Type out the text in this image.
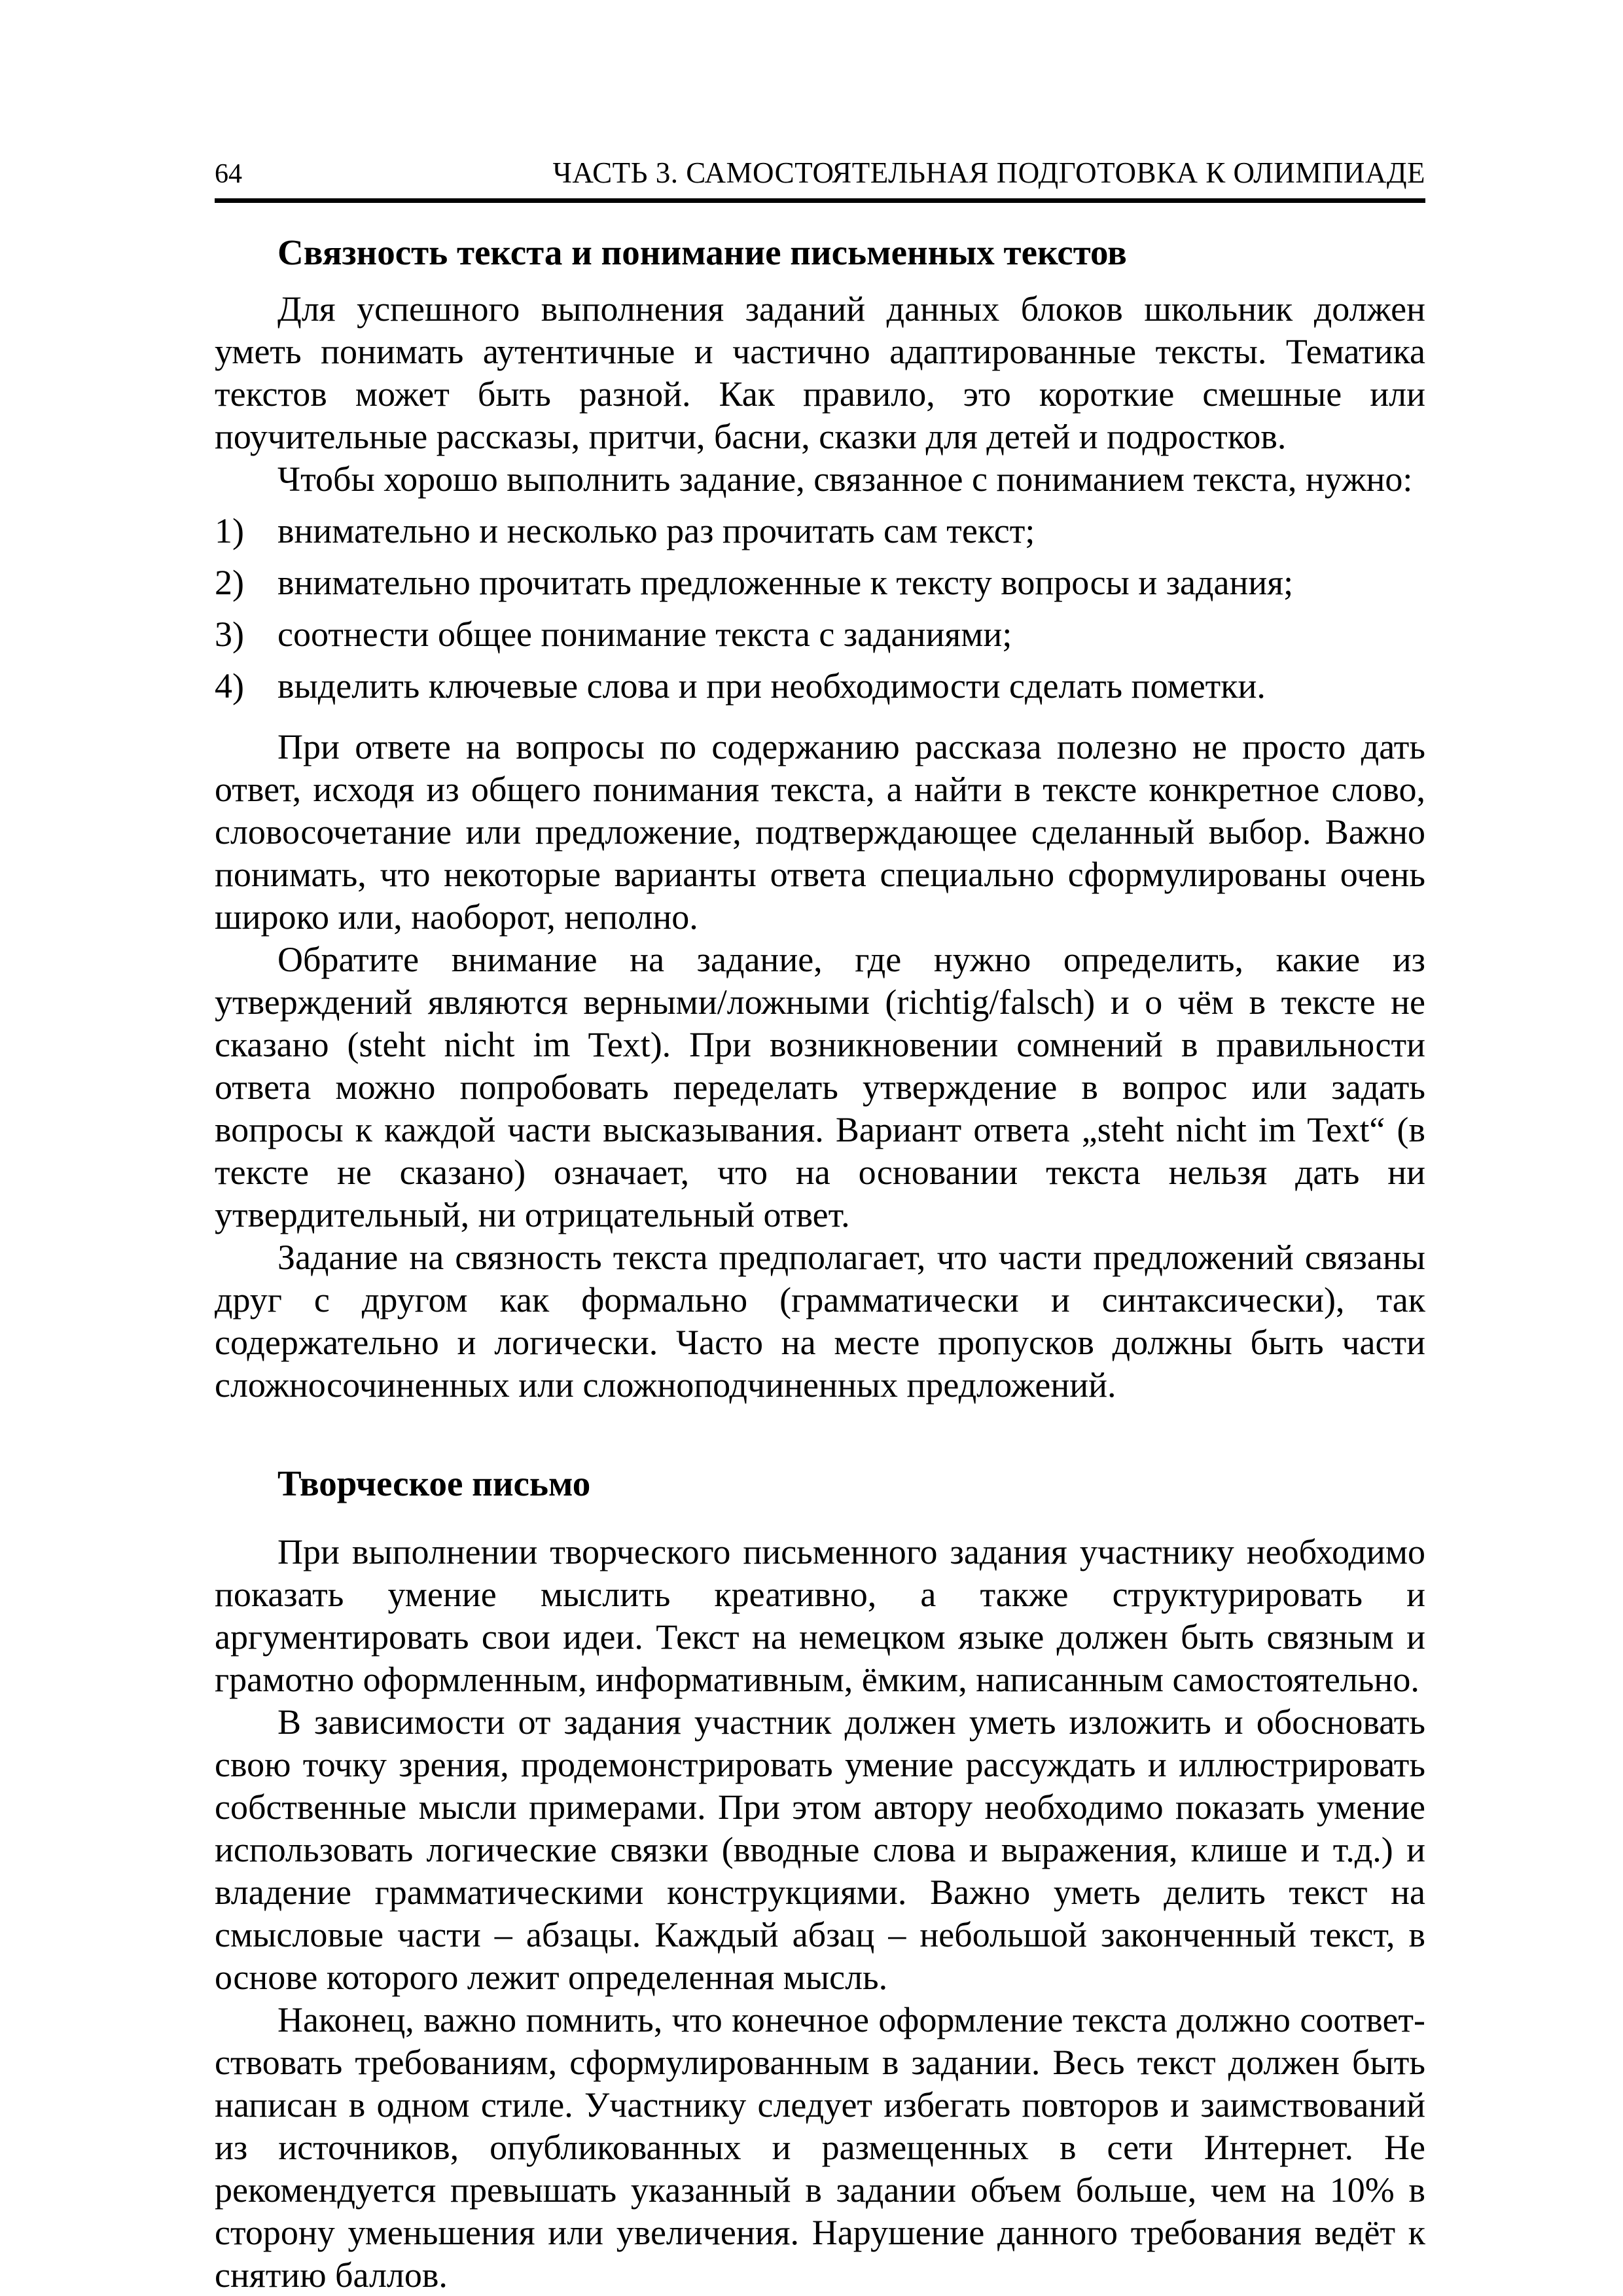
64	ЧАСТЬ 3. САМОСТОЯТЕЛЬНАЯ ПОДГОТОВКА К ОЛИМПИАДЕ
Связность текста и понимание письменных текстов

Для успешного выполнения заданий данных блоков школьник должен уметь понимать аутентичные и частично адаптированные тексты. Тематика текстов может быть разной. Как правило, это короткие смешные или поучительные рассказы, притчи, басни, сказки для детей и подростков.

Чтобы хорошо выполнить задание, связанное с пониманием текста, нужно:

1) внимательно и несколько раз прочитать сам текст;
2) внимательно прочитать предложенные к тексту вопросы и задания;
3) соотнести общее понимание текста с заданиями;
4) выделить ключевые слова и при необходимости сделать пометки.

При ответе на вопросы по содержанию рассказа полезно не просто дать ответ, исходя из общего понимания текста, а найти в тексте конкретное слово, словосочетание или предложение, подтверждающее сделанный выбор. Важно понимать, что некоторые варианты ответа специально сформулированы очень широко или, наоборот, неполно.

Обратите внимание на задание, где нужно определить, какие из утверждений являются верными/ложными (richtig/falsch) и о чём в тексте не сказано (steht nicht im Text). При возникновении сомнений в правильности ответа можно попробовать переделать утверждение в вопрос или задать вопросы к каждой части высказывания. Вариант ответа „steht nicht im Text“ (в тексте не сказано) означает, что на основании текста нельзя дать ни утвердительный, ни отрицательный ответ.

Задание на связность текста предполагает, что части предложений связаны друг с другом как формально (грамматически и синтаксически), так содержательно и логически. Часто на месте пропусков должны быть части сложносочиненных или сложноподчиненных предложений.

Творческое письмо

При выполнении творческого письменного задания участнику необходимо показать умение мыслить креативно, а также структурировать и аргументировать свои идеи. Текст на немецком языке должен быть связным и грамотно оформленным, информативным, ёмким, написанным самостоятельно.

В зависимости от задания участник должен уметь изложить и обосновать свою точку зрения, продемонстрировать умение рассуждать и иллюстрировать собственные мысли примерами. При этом автору необходимо показать умение использовать логические связки (вводные слова и выражения, клише и т.д.) и владение грамматическими конструкциями. Важно уметь делить текст на смысловые части – абзацы. Каждый абзац – небольшой законченный текст, в основе которого лежит определенная мысль.

Наконец, важно помнить, что конечное оформление текста должно соответствовать требованиям, сформулированным в задании. Весь текст должен быть написан в одном стиле. Участнику следует избегать повторов и заимствований из источников, опубликованных и размещенных в сети Интернет. Не рекомендуется превышать указанный в задании объем больше, чем на 10% в сторону уменьшения или увеличения. Нарушение данного требования ведёт к снятию баллов.
